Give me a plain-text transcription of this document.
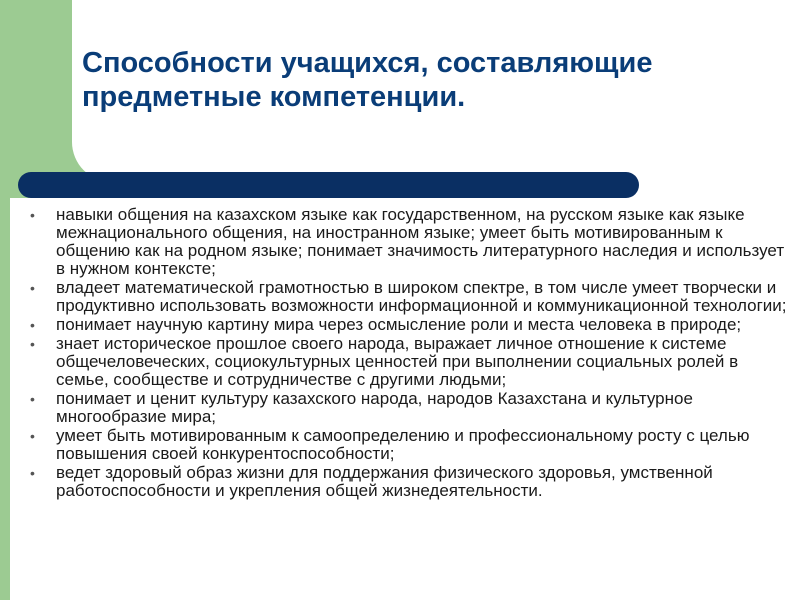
Способности учащихся, составляющие предметные компетенции.
• навыки общения на казахском языке как государственном, на русском языке как языке межнационального общения, на иностранном языке; умеет быть мотивированным к общению как на родном языке; понимает значимость литературного наследия и использует в нужном контексте;
• владеет математической грамотностью в широком спектре, в том числе умеет творчески и продуктивно использовать возможности информационной и коммуникационной технологии;
• понимает научную картину мира через осмысление роли и места человека в природе;
• знает историческое прошлое своего народа, выражает личное отношение к системе общечеловеческих, социокультурных ценностей при выполнении социальных ролей в семье, сообществе и сотрудничестве с другими людьми;
• понимает и ценит культуру казахского народа, народов Казахстана и культурное многообразие мира;
• умеет быть мотивированным к самоопределению и профессиональному росту с целью повышения своей конкурентоспособности;
• ведет здоровый образ жизни для поддержания физического здоровья, умственной работоспособности и укрепления общей жизнедеятельности.
